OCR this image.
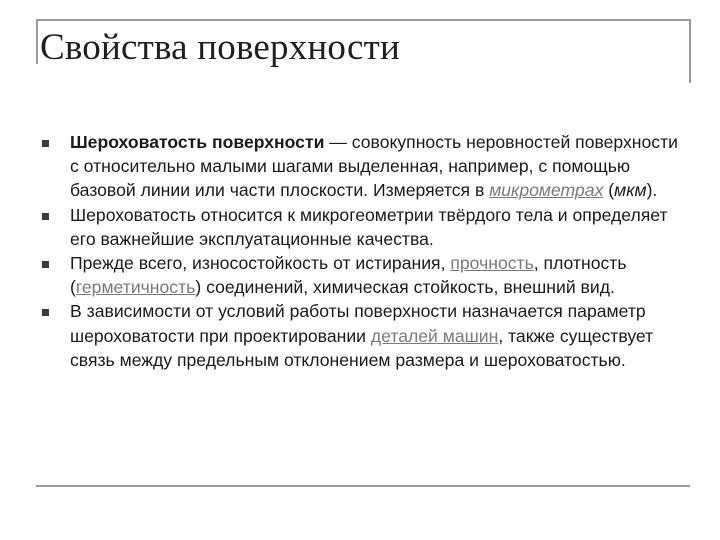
Свойства поверхности
Шероховатость поверхности — совокупность неровностей поверхности с относительно малыми шагами выделенная, например, с помощью базовой линии или части плоскости. Измеряется в микрометрах (мкм).
Шероховатость относится к микрогеометрии твёрдого тела и определяет его важнейшие эксплуатационные качества.
Прежде всего, износостойкость от истирания, прочность, плотность (герметичность) соединений, химическая стойкость, внешний вид.
В зависимости от условий работы поверхности назначается параметр шероховатости при проектировании деталей машин, также существует связь между предельным отклонением размера и шероховатостью.
